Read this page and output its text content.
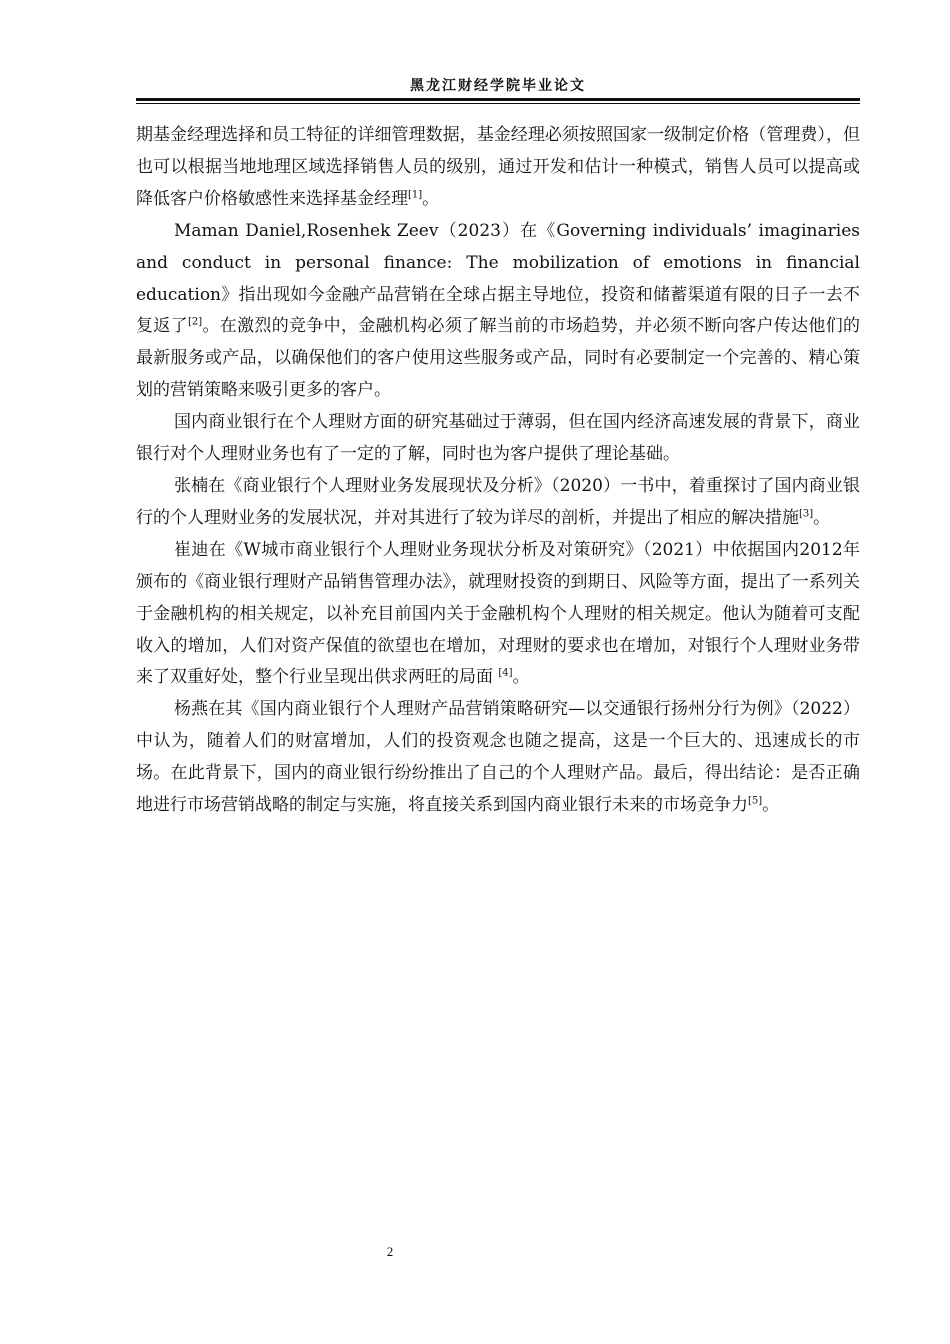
黑龙江财经学院毕业论文

期基金经理选择和员工特征的详细管理数据，基金经理必须按照国家一级制定价格（管理费），但也可以根据当地地理区域选择销售人员的级别，通过开发和估计一种模式，销售人员可以提高或降低客户价格敏感性来选择基金经理[1]。

Maman Daniel,Rosenhek Zeev（2023）在《Governing individuals’ imaginaries and conduct in personal finance: The mobilization of emotions in financial education》指出现如今金融产品营销在全球占据主导地位，投资和储蓄渠道有限的日子一去不复返了[2]。在激烈的竞争中，金融机构必须了解当前的市场趋势，并必须不断向客户传达他们的最新服务或产品，以确保他们的客户使用这些服务或产品，同时有必要制定一个完善的、精心策划的营销策略来吸引更多的客户。

国内商业银行在个人理财方面的研究基础过于薄弱，但在国内经济高速发展的背景下，商业银行对个人理财业务也有了一定的了解，同时也为客户提供了理论基础。

张楠在《商业银行个人理财业务发展现状及分析》（2020）一书中，着重探讨了国内商业银行的个人理财业务的发展状况，并对其进行了较为详尽的剖析，并提出了相应的解决措施[3]。

崔迪在《W城市商业银行个人理财业务现状分析及对策研究》（2021）中依据国内2012年颁布的《商业银行理财产品销售管理办法》，就理财投资的到期日、风险等方面，提出了一系列关于金融机构的相关规定，以补充目前国内关于金融机构个人理财的相关规定。他认为随着可支配收入的增加，人们对资产保值的欲望也在增加，对理财的要求也在增加，对银行个人理财业务带来了双重好处，整个行业呈现出供求两旺的局面 [4]。

杨燕在其《国内商业银行个人理财产品营销策略研究—以交通银行扬州分行为例》（2022）中认为，随着人们的财富增加，人们的投资观念也随之提高，这是一个巨大的、迅速成长的市场。在此背景下，国内的商业银行纷纷推出了自己的个人理财产品。最后，得出结论：是否正确地进行市场营销战略的制定与实施，将直接关系到国内商业银行未来的市场竞争力[5]。

2
